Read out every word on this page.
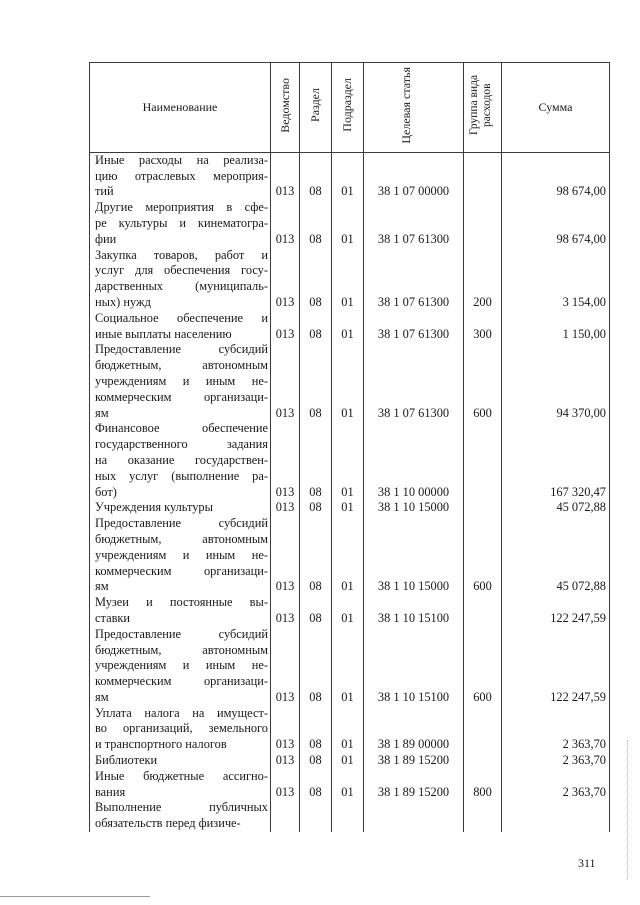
Наименование	Ведомство	Раздел	Подраздел	Целевая статья	Группа вида расходов	Сумма

Иные расходы на реализа-
цию отраслевых мероприя-
тий	013	08	01	38 1 07 00000		98 674,00

Другие мероприятия в сфе-
ре культуры и кинематогра-
фии	013	08	01	38 1 07 61300		98 674,00

Закупка товаров, работ и
услуг для обеспечения госу-
дарственных (муниципаль-
ных) нужд	013	08	01	38 1 07 61300	200	3 154,00

Социальное обеспечение и
иные выплаты населению	013	08	01	38 1 07 61300	300	1 150,00

Предоставление субсидий
бюджетным, автономным
учреждениям и иным не-
коммерческим организаци-
ям	013	08	01	38 1 07 61300	600	94 370,00

Финансовое обеспечение
государственного задания
на оказание государствен-
ных услуг (выполнение ра-
бот)	013	08	01	38 1 10 00000		167 320,47

Учреждения культуры	013	08	01	38 1 10 15000		45 072,88

Предоставление субсидий
бюджетным, автономным
учреждениям и иным не-
коммерческим организаци-
ям	013	08	01	38 1 10 15000	600	45 072,88

Музеи и постоянные вы-
ставки	013	08	01	38 1 10 15100		122 247,59

Предоставление субсидий
бюджетным, автономным
учреждениям и иным не-
коммерческим организаци-
ям	013	08	01	38 1 10 15100	600	122 247,59

Уплата налога на имущест-
во организаций, земельного
и транспортного налогов	013	08	01	38 1 89 00000		2 363,70

Библиотеки	013	08	01	38 1 89 15200		2 363,70

Иные бюджетные ассигно-
вания	013	08	01	38 1 89 15200	800	2 363,70

Выполнение публичных
обязательств перед физиче-						

311
